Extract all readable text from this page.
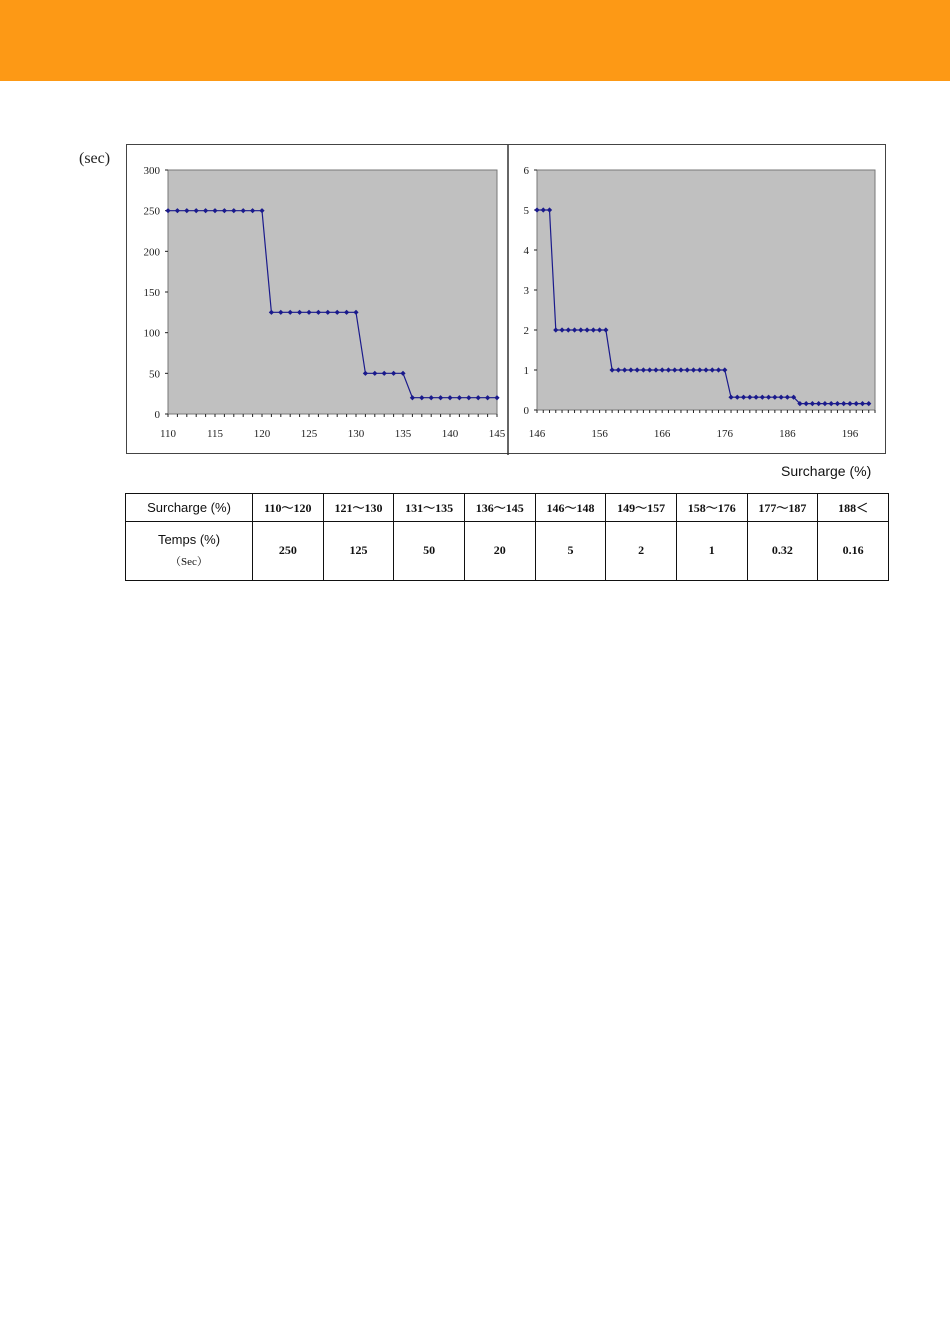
(sec)
0
50
100
150
200
250
300
110	115	120	125	130	135	140	145
0
1
2
3
4
5
6
146	156	166	176	186	196
Surcharge (%)
Surcharge (%)	110～120	121～130	131～135	136～145	146～148	149～157	158～176	177～187	188＜
Temps (%)
（Sec）	250	125	50	20	5	2	1	0.32	0.16
